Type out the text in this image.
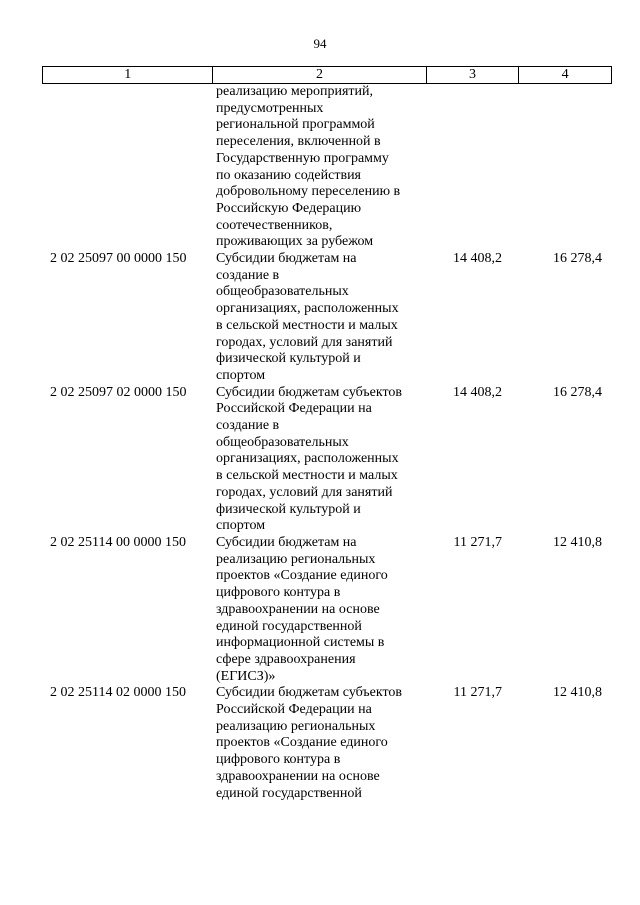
94
1	2	3	4
реализацию мероприятий,
предусмотренных
региональной программой
переселения, включенной в
Государственную программу
по оказанию содействия
добровольному переселению в
Российскую Федерацию
соотечественников,
проживающих за рубежом
2 02 25097 00 0000 150	Субсидии бюджетам на
создание в
общеобразовательных
организациях, расположенных
в сельской местности и малых
городах, условий для занятий
физической культурой и
спортом
14 408,2	16 278,4
2 02 25097 02 0000 150	Субсидии бюджетам субъектов
Российской Федерации на
создание в
общеобразовательных
организациях, расположенных
в сельской местности и малых
городах, условий для занятий
физической культурой и
спортом
14 408,2	16 278,4
2 02 25114 00 0000 150	Субсидии бюджетам на
реализацию региональных
проектов «Создание единого
цифрового контура в
здравоохранении на основе
единой государственной
информационной системы в
сфере здравоохранения
(ЕГИСЗ)»
11 271,7	12 410,8
2 02 25114 02 0000 150	Субсидии бюджетам субъектов
Российской Федерации на
реализацию региональных
проектов «Создание единого
цифрового контура в
здравоохранении на основе
единой государственной
11 271,7	12 410,8
